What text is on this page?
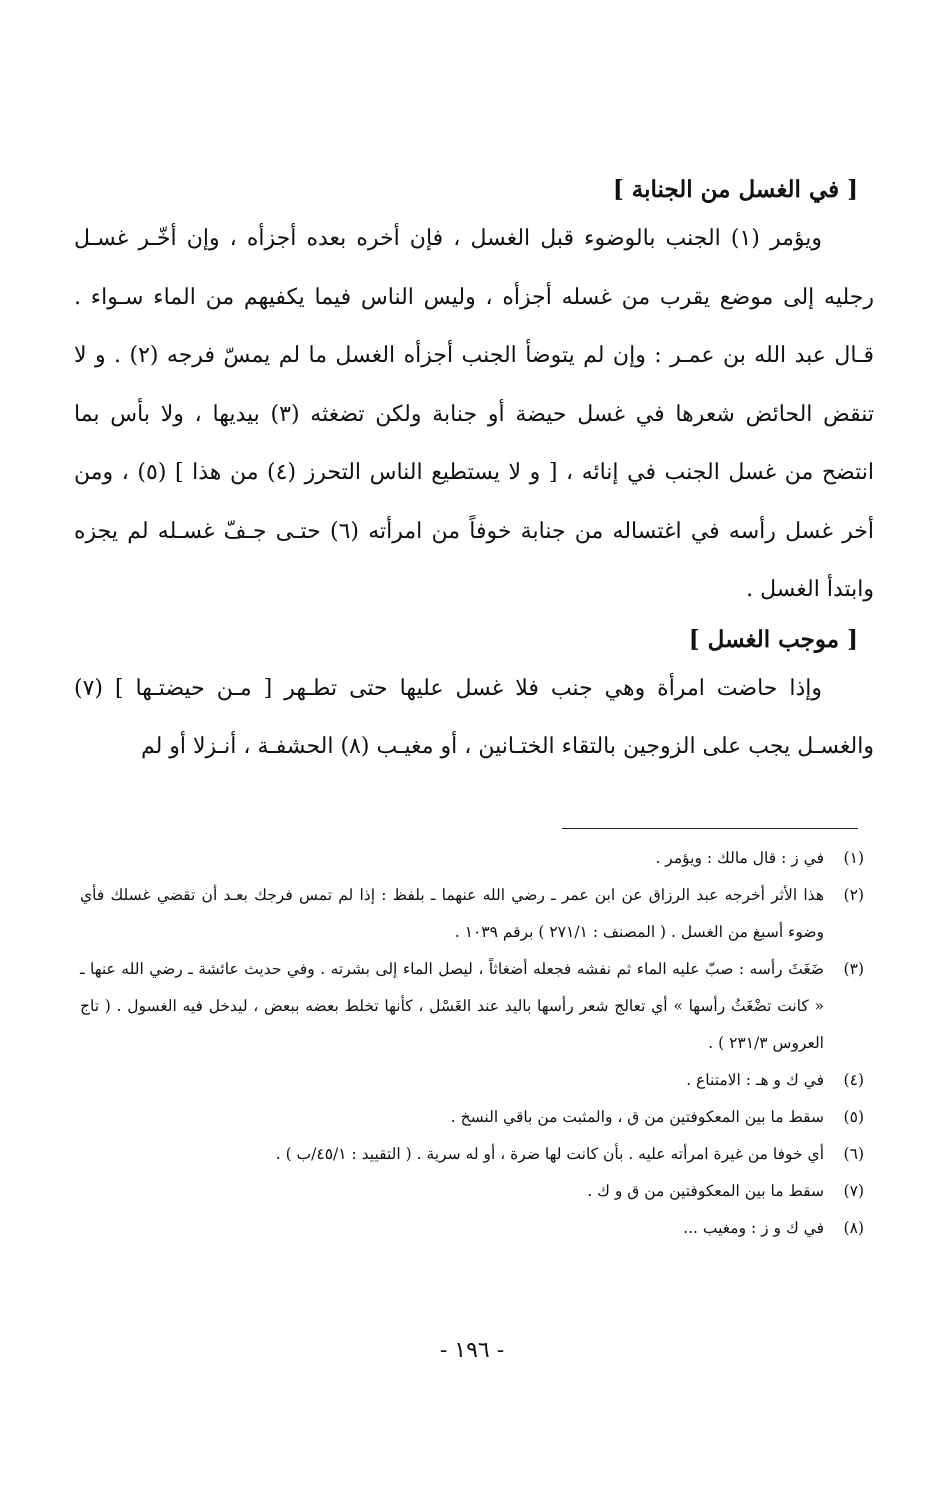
[ في الغسل من الجنابة ]

ويؤمر (١) الجنب بالوضوء قبل الغسل ، فإن أخره بعده أجزأه ، وإن أخّـر غسـل رجليه إلى موضع يقرب من غسله أجزأه ، وليس الناس فيما يكفيهم من الماء سـواء . قـال عبد الله بن عمـر : وإن لم يتوضأ الجنب أجزأه الغسل ما لم يمسّ فرجه (٢) . و لا تنقض الحائض شعرها في غسل حيضة أو جنابة ولكن تضغثه (٣) بيديها ، ولا بأس بما انتضح من غسل الجنب في إنائه ، [ و لا يستطيع الناس التحرز (٤) من هذا ] (٥) ، ومن أخر غسل رأسه في اغتساله من جنابة خوفاً من امرأته (٦) حتـى جـفّ غسـله لم يجزه وابتدأ الغسل .

[ موجب الغسل ]

وإذا حاضت امرأة وهي جنب فلا غسل عليها حتى تطـهر [ مـن حيضتـها ] (٧) والغسـل يجب على الزوجين بالتقاء الختـانين ، أو مغيـب (٨) الحشفـة ، أنـزلا أو لم

(١)
في ز : قال مالك : ويؤمر .
(٢)
هذا الأثر أخرجه عبد الرزاق عن ابن عمر ـ رضي الله عنهما ـ بلفظ : إذا لم تمس فرجك بعـد أن تقضي غسلك فأي وضوء أسبغ من الغسل . ( المصنف : ٢٧١/١ ) برقم ١٠٣٩ .
(٣)
ضَغَثَ رأسه : صبّ عليه الماء ثم نفشه فجعله أضغاثاً ، ليصل الماء إلى بشرته . وفي حديث عائشة ـ رضي الله عنها ـ « كانت تضْغَثُ رأسها » أي تعالج شعر رأسها باليد عند الغَسْل ، كأنها تخلط بعضه ببعض ، ليدخل فيه الغسول . ( تاج العروس ٢٣١/٣ ) .
(٤)
في ك و هـ : الامتناع .
(٥)
سقط ما بين المعكوفتين من ق ، والمثبت من باقي النسخ .
(٦)
أي خوفا من غيرة امرأته عليه . بأن كانت لها ضرة ، أو له سرية . ( التقييد : ٤٥/١/ب ) .
(٧)
سقط ما بين المعكوفتين من ق و ك .
(٨)
في ك و ز : ومغيب ...
- ١٩٦ -
